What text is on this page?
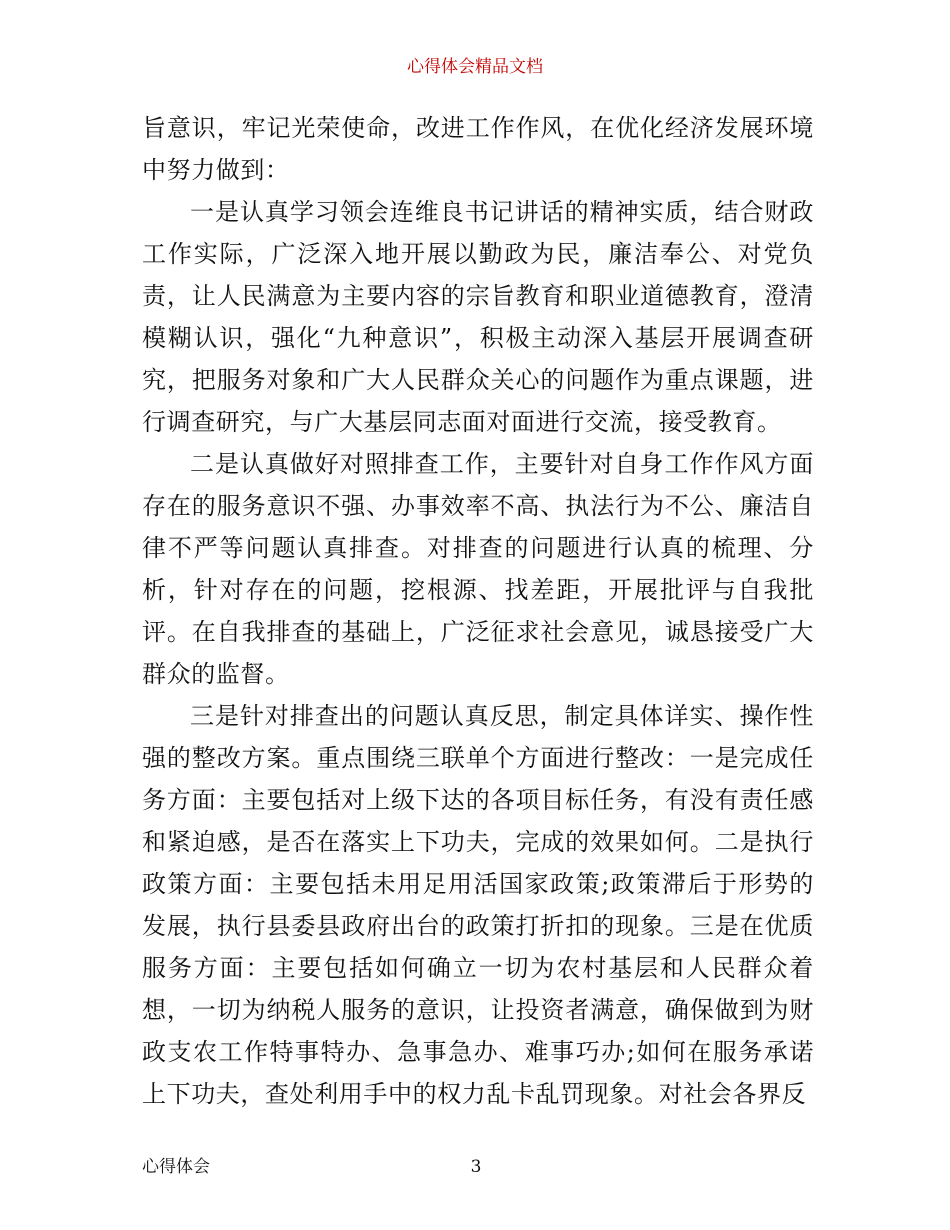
心得体会精品文档

旨意识，牢记光荣使命，改进工作作风，在优化经济发展环境中努力做到：

一是认真学习领会连维良书记讲话的精神实质，结合财政工作实际，广泛深入地开展以勤政为民，廉洁奉公、对党负责，让人民满意为主要内容的宗旨教育和职业道德教育，澄清模糊认识，强化“九种意识”，积极主动深入基层开展调查研究，把服务对象和广大人民群众关心的问题作为重点课题，进行调查研究，与广大基层同志面对面进行交流，接受教育。

二是认真做好对照排查工作，主要针对自身工作作风方面存在的服务意识不强、办事效率不高、执法行为不公、廉洁自律不严等问题认真排查。对排查的问题进行认真的梳理、分析，针对存在的问题，挖根源、找差距，开展批评与自我批评。在自我排查的基础上，广泛征求社会意见，诚恳接受广大群众的监督。

三是针对排查出的问题认真反思，制定具体详实、操作性强的整改方案。重点围绕三联单个方面进行整改：一是完成任务方面：主要包括对上级下达的各项目标任务，有没有责任感和紧迫感，是否在落实上下功夫，完成的效果如何。二是执行政策方面：主要包括未用足用活国家政策;政策滞后于形势的发展，执行县委县政府出台的政策打折扣的现象。三是在优质服务方面：主要包括如何确立一切为农村基层和人民群众着想，一切为纳税人服务的意识，让投资者满意，确保做到为财政支农工作特事特办、急事急办、难事巧办;如何在服务承诺上下功夫，查处利用手中的权力乱卡乱罚现象。对社会各界反

心得体会	3
